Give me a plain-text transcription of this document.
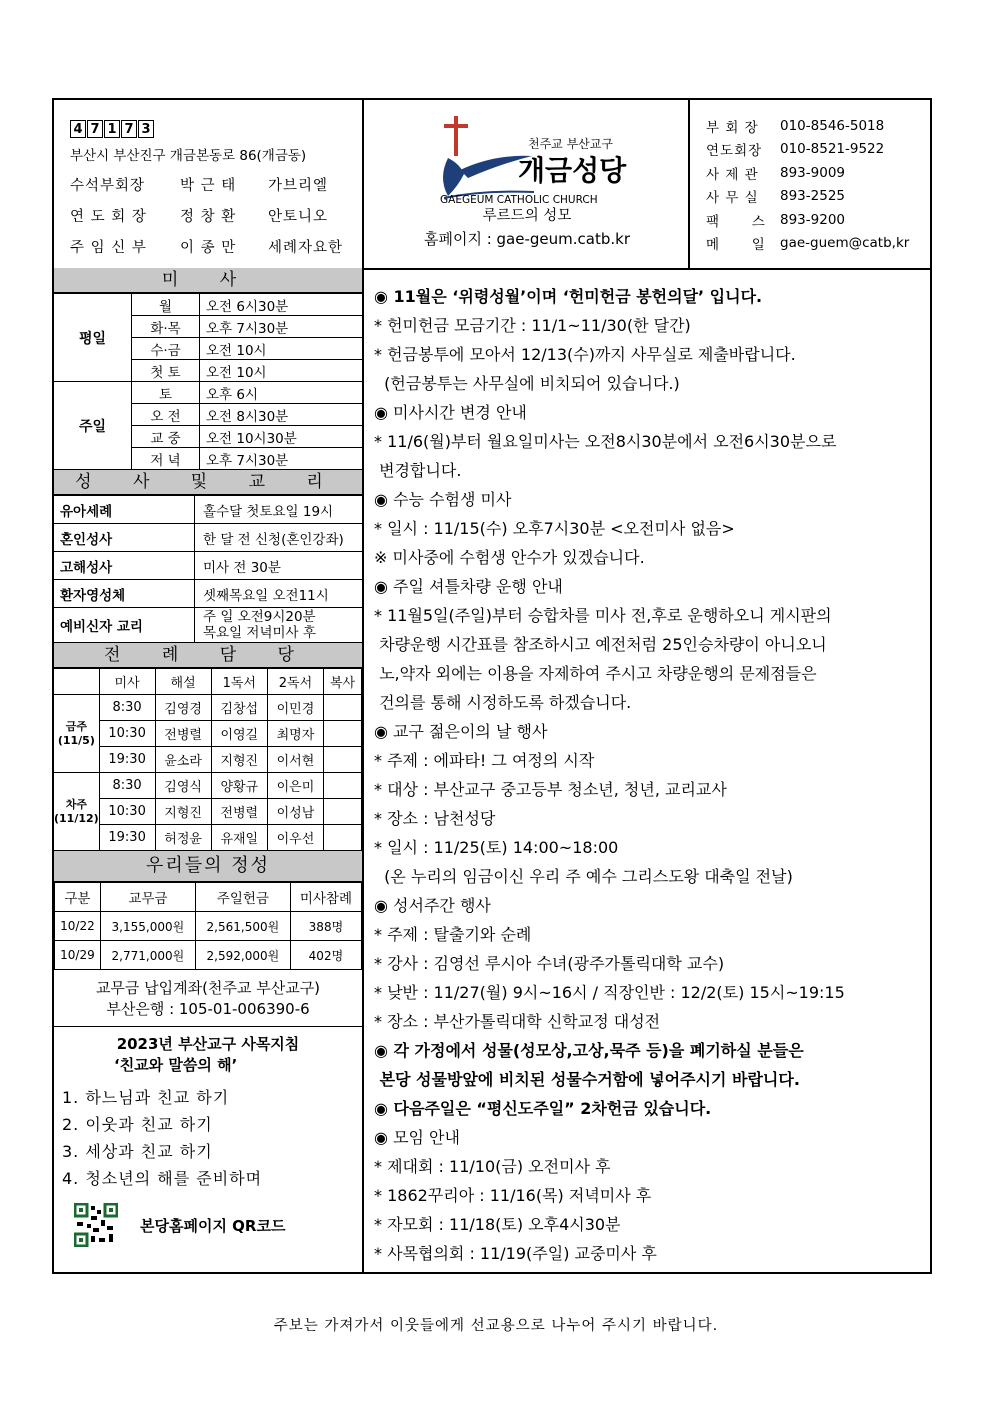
4 7 1 7 3
부산시 부산진구 개금본동로 86(개금동)
수석부회장	박 근 태	가브리엘
연 도 회 장	정 창 환	안토니오
주 임 신 부	이 종 만	세례자요한
천주교 부산교구
개금성당
GAEGEUM CATHOLIC CHURCH
루르드의 성모
홈페이지 : gae-geum.catb.kr
부 회 장	010-8546-5018
연도회장	010-8521-9522
사 제 관	893-9009
사 무 실	893-2525
팩      스	893-9200
메      일	gae-guem@catb,kr
미 사
평일	월	오전 6시30분
	화·목	오후 7시30분
	수·금	오전 10시
	첫 토	오전 10시
주일	토	오후 6시
	오 전	오전 8시30분
	교 중	오전 10시30분
	저 녁	오후 7시30분
성 사 및 교 리
유아세례	홀수달 첫토요일 19시
혼인성사	한 달 전 신청(혼인강좌)
고해성사	미사 전 30분
환자영성체	셋째목요일 오전11시
예비신자 교리	주 일 오전9시20분
목요일 저녁미사 후
전 례 담 당
	미사	해설	1독서	2독서	복사
금주(11/5)	8:30	김영경	김창섭	이민경	
	10:30	전병렬	이영길	최명자	
	19:30	윤소라	지형진	이서현	
차주(11/12)	8:30	김영식	양황규	이은미	
	10:30	지형진	전병렬	이성남	
	19:30	허정윤	유재일	이우선	
우리들의 정성
구분	교무금	주일헌금	미사참례
10/22	3,155,000원	2,561,500원	388명
10/29	2,771,000원	2,592,000원	402명
교무금 납입계좌(천주교 부산교구)
부산은행 : 105-01-006390-6
2023년 부산교구 사목지침
‘친교와 말씀의 해’
1. 하느님과 친교 하기
2. 이웃과 친교 하기
3. 세상과 친교 하기
4. 청소년의 해를 준비하며
본당홈페이지 QR코드
◉ 11월은 ‘위령성월’이며 ‘헌미헌금 봉헌의달’ 입니다.
* 헌미헌금 모금기간 : 11/1~11/30(한 달간)
* 헌금봉투에 모아서 12/13(수)까지 사무실로 제출바랍니다.
(헌금봉투는 사무실에 비치되어 있습니다.)
◉ 미사시간 변경 안내
* 11/6(월)부터 월요일미사는 오전8시30분에서 오전6시30분으로
변경합니다.
◉ 수능 수험생 미사
* 일시 : 11/15(수) 오후7시30분 <오전미사 없음>
※ 미사중에 수험생 안수가 있겠습니다.
◉ 주일 셔틀차량 운행 안내
* 11월5일(주일)부터 승합차를 미사 전,후로 운행하오니 게시판의
차량운행 시간표를 참조하시고 예전처럼 25인승차량이 아니오니
노,약자 외에는 이용을 자제하여 주시고 차량운행의 문제점들은
건의를 통해 시정하도록 하겠습니다.
◉ 교구 젊은이의 날 행사
* 주제 : 에파타! 그 여정의 시작
* 대상 : 부산교구 중고등부 청소년, 청년, 교리교사
* 장소 : 남천성당
* 일시 : 11/25(토) 14:00~18:00
(온 누리의 임금이신 우리 주 예수 그리스도왕 대축일 전날)
◉ 성서주간 행사
* 주제 : 탈출기와 순례
* 강사 : 김영선 루시아 수녀(광주가톨릭대학 교수)
* 낮반 : 11/27(월) 9시~16시 / 직장인반 : 12/2(토) 15시~19:15
* 장소 : 부산가톨릭대학 신학교정 대성전
◉ 각 가정에서 성물(성모상,고상,묵주 등)을 폐기하실 분들은
본당 성물방앞에 비치된 성물수거함에 넣어주시기 바랍니다.
◉ 다음주일은 “평신도주일” 2차헌금 있습니다.
◉ 모임 안내
* 제대회 : 11/10(금) 오전미사 후
* 1862꾸리아 : 11/16(목) 저녁미사 후
* 자모회 : 11/18(토) 오후4시30분
* 사목협의회 : 11/19(주일) 교중미사 후
주보는 가져가서 이웃들에게 선교용으로 나누어 주시기 바랍니다.
